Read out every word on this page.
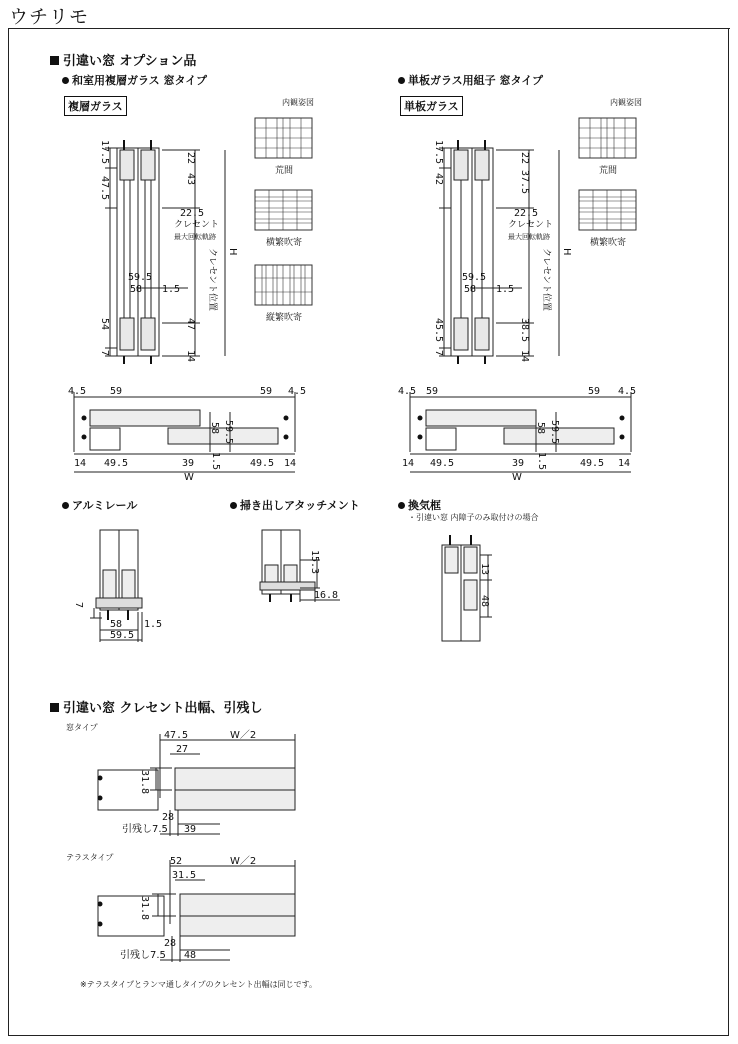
ウチリモ
引違い窓 オプション品
和室用複層ガラス 窓タイプ
複層ガラス	内観姿図
単板ガラス用組子 窓タイプ
単板ガラス	内観姿図
17.5
47.5
54
7
22
43
47
14
22.5
59.5
58 1.5
H
クレセント
最大回転軌跡
クレセント位置
荒間
横繁吹寄
縦繁吹寄
17.5
42
45.5
7
22
37.5
38.5
14
22.5
59.5
58 1.5
H
クレセント
最大回転軌跡
クレセント位置
荒間
横繁吹寄
4.5 59	59 4.5
58 59.5
14 49.5	39 1.5	49.5 14
W
4.5 59	59 4.5
58 59.5
14 49.5	39 1.5	49.5 14
W
アルミレール
7
58 1.5
59.5
掃き出しアタッチメント
15.3
16.8
換気框
・引違い窓 内障子のみ取付けの場合
13
48
引違い窓 クレセント出幅、引残し
窓タイプ
47.5
27
W／2
31.8
28
引残し7.5 39
テラスタイプ	52
31.5
W／2
31.8
28
引残し7.5 48
※テラスタイプとランマ通しタイプのクレセント出幅は同じです。
